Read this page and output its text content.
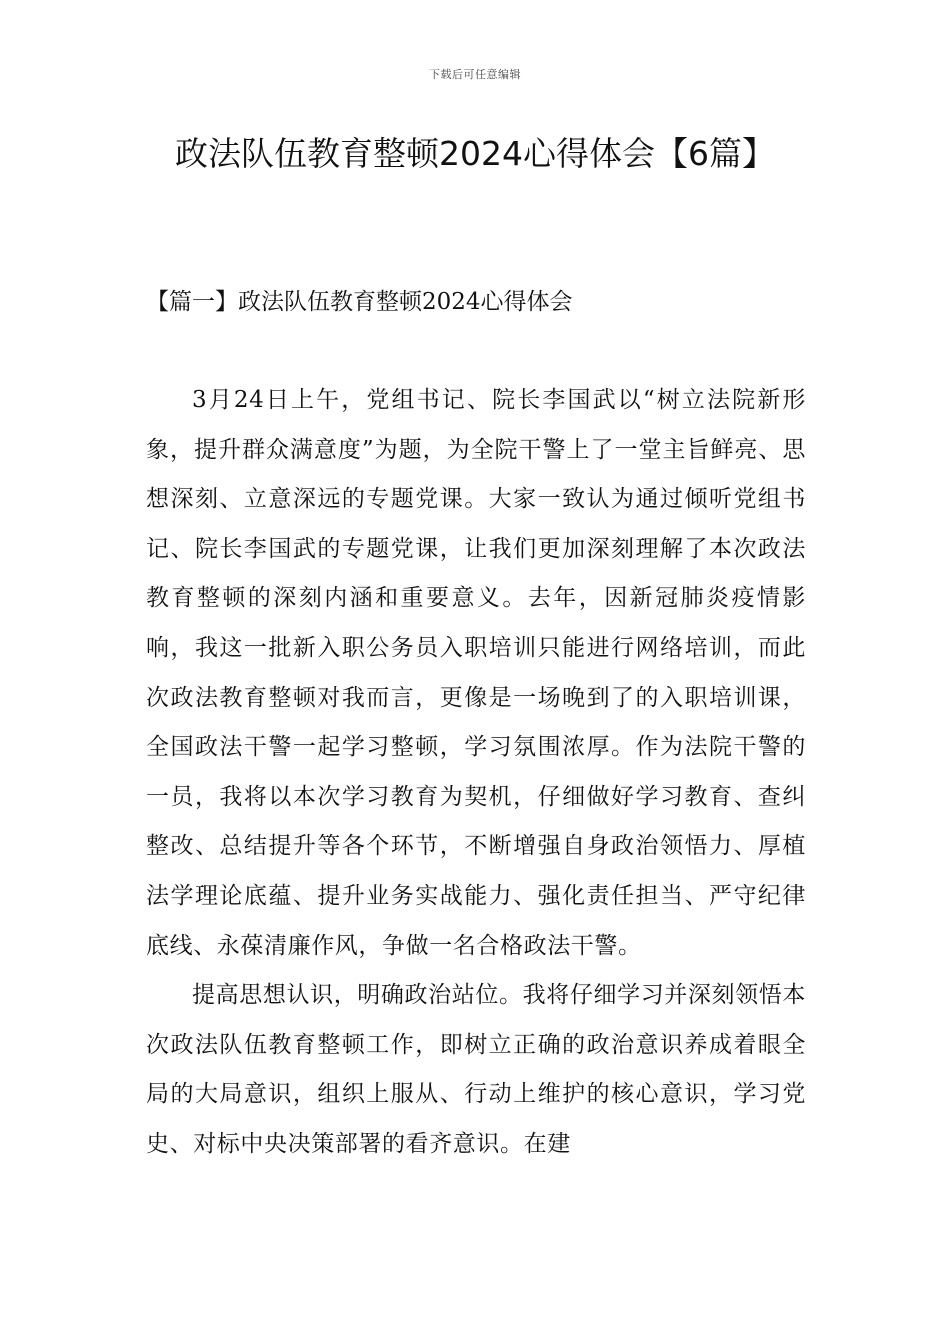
下载后可任意编辑
政法队伍教育整顿2024心得体会【6篇】
【篇一】政法队伍教育整顿2024心得体会

3月24日上午，党组书记、院长李国武以“树立法院新形象，提升群众满意度”为题，为全院干警上了一堂主旨鲜亮、思想深刻、立意深远的专题党课。大家一致认为通过倾听党组书记、院长李国武的专题党课，让我们更加深刻理解了本次政法教育整顿的深刻内涵和重要意义。去年，因新冠肺炎疫情影响，我这一批新入职公务员入职培训只能进行网络培训，而此次政法教育整顿对我而言，更像是一场晚到了的入职培训课，全国政法干警一起学习整顿，学习氛围浓厚。作为法院干警的一员，我将以本次学习教育为契机，仔细做好学习教育、查纠整改、总结提升等各个环节，不断增强自身政治领悟力、厚植法学理论底蕴、提升业务实战能力、强化责任担当、严守纪律底线、永葆清廉作风，争做一名合格政法干警。

提高思想认识，明确政治站位。我将仔细学习并深刻领悟本次政法队伍教育整顿工作，即树立正确的政治意识养成着眼全局的大局意识，组织上服从、行动上维护的核心意识，学习党史、对标中央决策部署的看齐意识。在建
